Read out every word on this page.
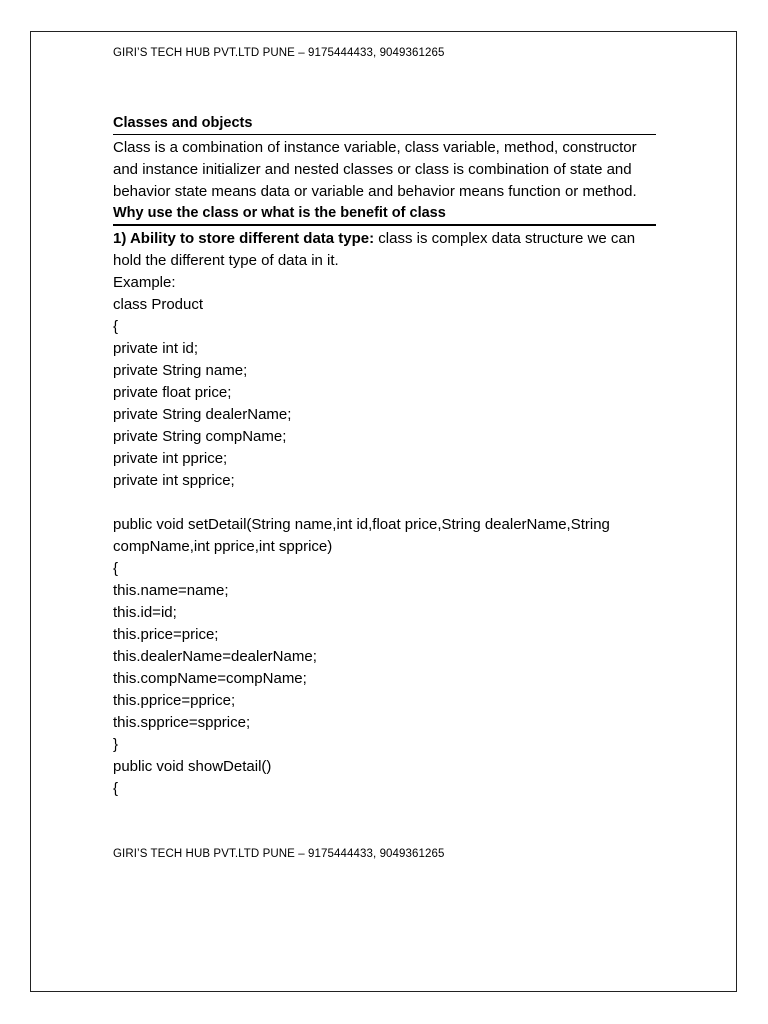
GIRI’S TECH HUB PVT.LTD PUNE – 9175444433, 9049361265
Classes and objects

Class is a combination of instance variable, class variable, method, constructor and instance initializer and nested classes or class is combination of state and behavior state means data or variable and behavior means function or method.

Why use the class or what is the benefit of class
1) Ability to store different data type: class is complex data structure we can hold the different type of data in it.
Example:
class Product
{
private int id;
private String name;
private float price;
private String dealerName;
private String compName;
private int pprice;
private int spprice;
public void setDetail(String name,int id,float price,String dealerName,String compName,int pprice,int spprice)
{
this.name=name;
this.id=id;
this.price=price;
this.dealerName=dealerName;
this.compName=compName;
this.pprice=pprice;
this.spprice=spprice;
}
public void showDetail()
{
GIRI’S TECH HUB PVT.LTD PUNE – 9175444433, 9049361265
